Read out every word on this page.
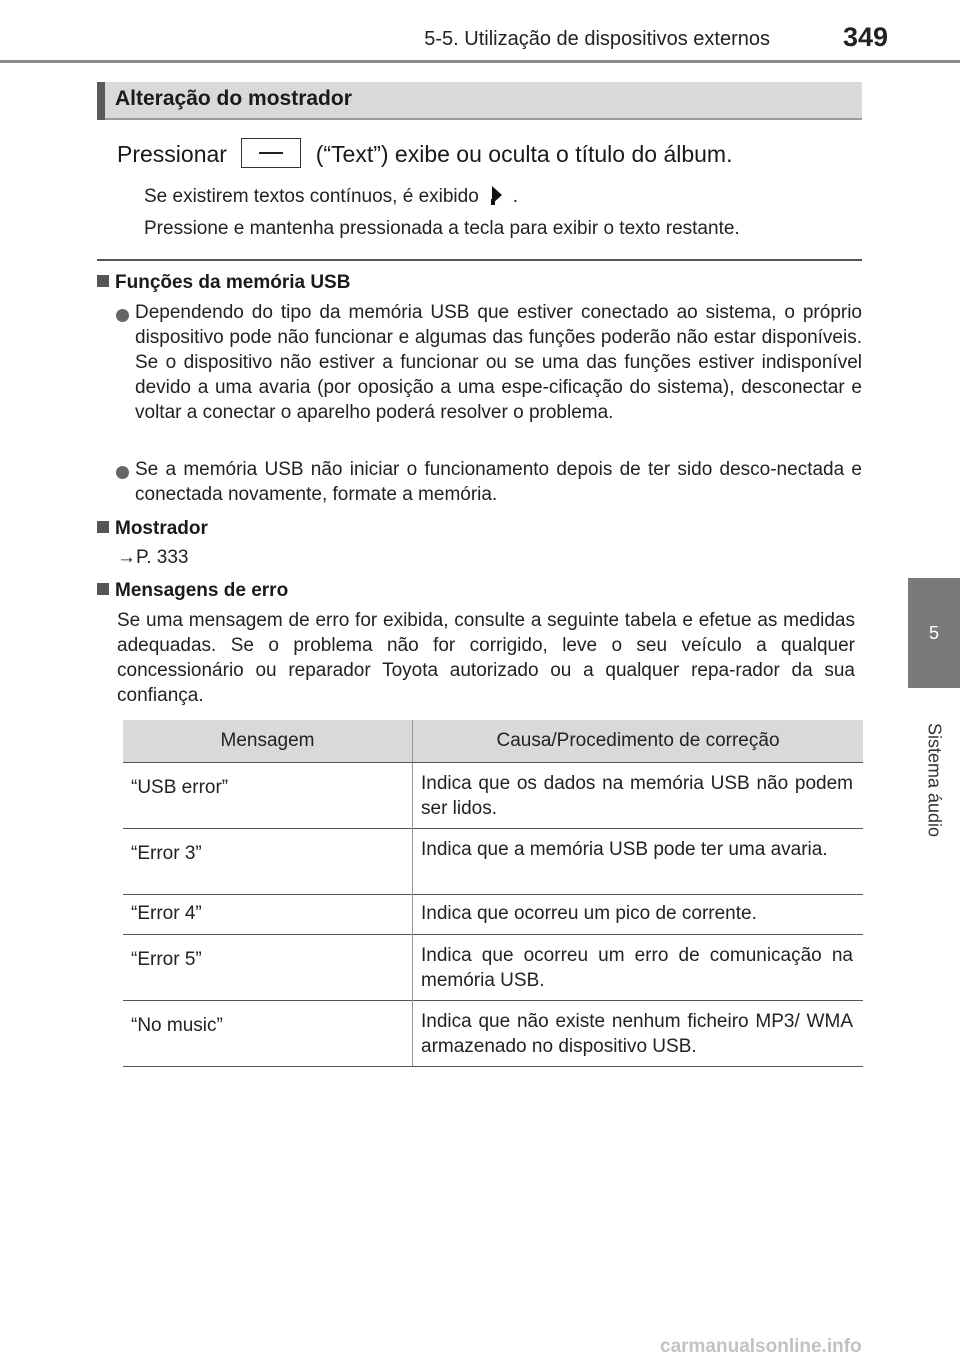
5-5. Utilização de dispositivos externos	349
5
Sistema áudio
Alteração do mostrador
Pressionar	(“Text”) exibe ou oculta o título do álbum.
Se existirem textos contínuos, é exibido .
Pressione e mantenha pressionada a tecla para exibir o texto restante.
Funções da memória USB
Dependendo do tipo da memória USB que estiver conectado ao sistema, o próprio dispositivo pode não funcionar e algumas das funções poderão não estar disponíveis. Se o dispositivo não estiver a funcionar ou se uma das funções estiver indisponível devido a uma avaria (por oposição a uma espe-cificação do sistema), desconectar e voltar a conectar o aparelho poderá resolver o problema.
Se a memória USB não iniciar o funcionamento depois de ter sido desco-nectada e conectada novamente, formate a memória.
Mostrador
→P. 333
Mensagens de erro
Se uma mensagem de erro for exibida, consulte a seguinte tabela e efetue as medidas adequadas. Se o problema não for corrigido, leve o seu veículo a qualquer concessionário ou reparador Toyota autorizado ou a qualquer repa-rador da sua confiança.
Mensagem	Causa/Procedimento de correção
“USB error”	Indica que os dados na memória USB não podem ser lidos.
“Error 3”	Indica que a memória USB pode ter uma avaria.
“Error 4”	Indica que ocorreu um pico de corrente.
“Error 5”	Indica que ocorreu um erro de comunicação na memória USB.
“No music”	Indica que não existe nenhum ficheiro MP3/ WMA armazenado no dispositivo USB.
carmanualsonline.info
